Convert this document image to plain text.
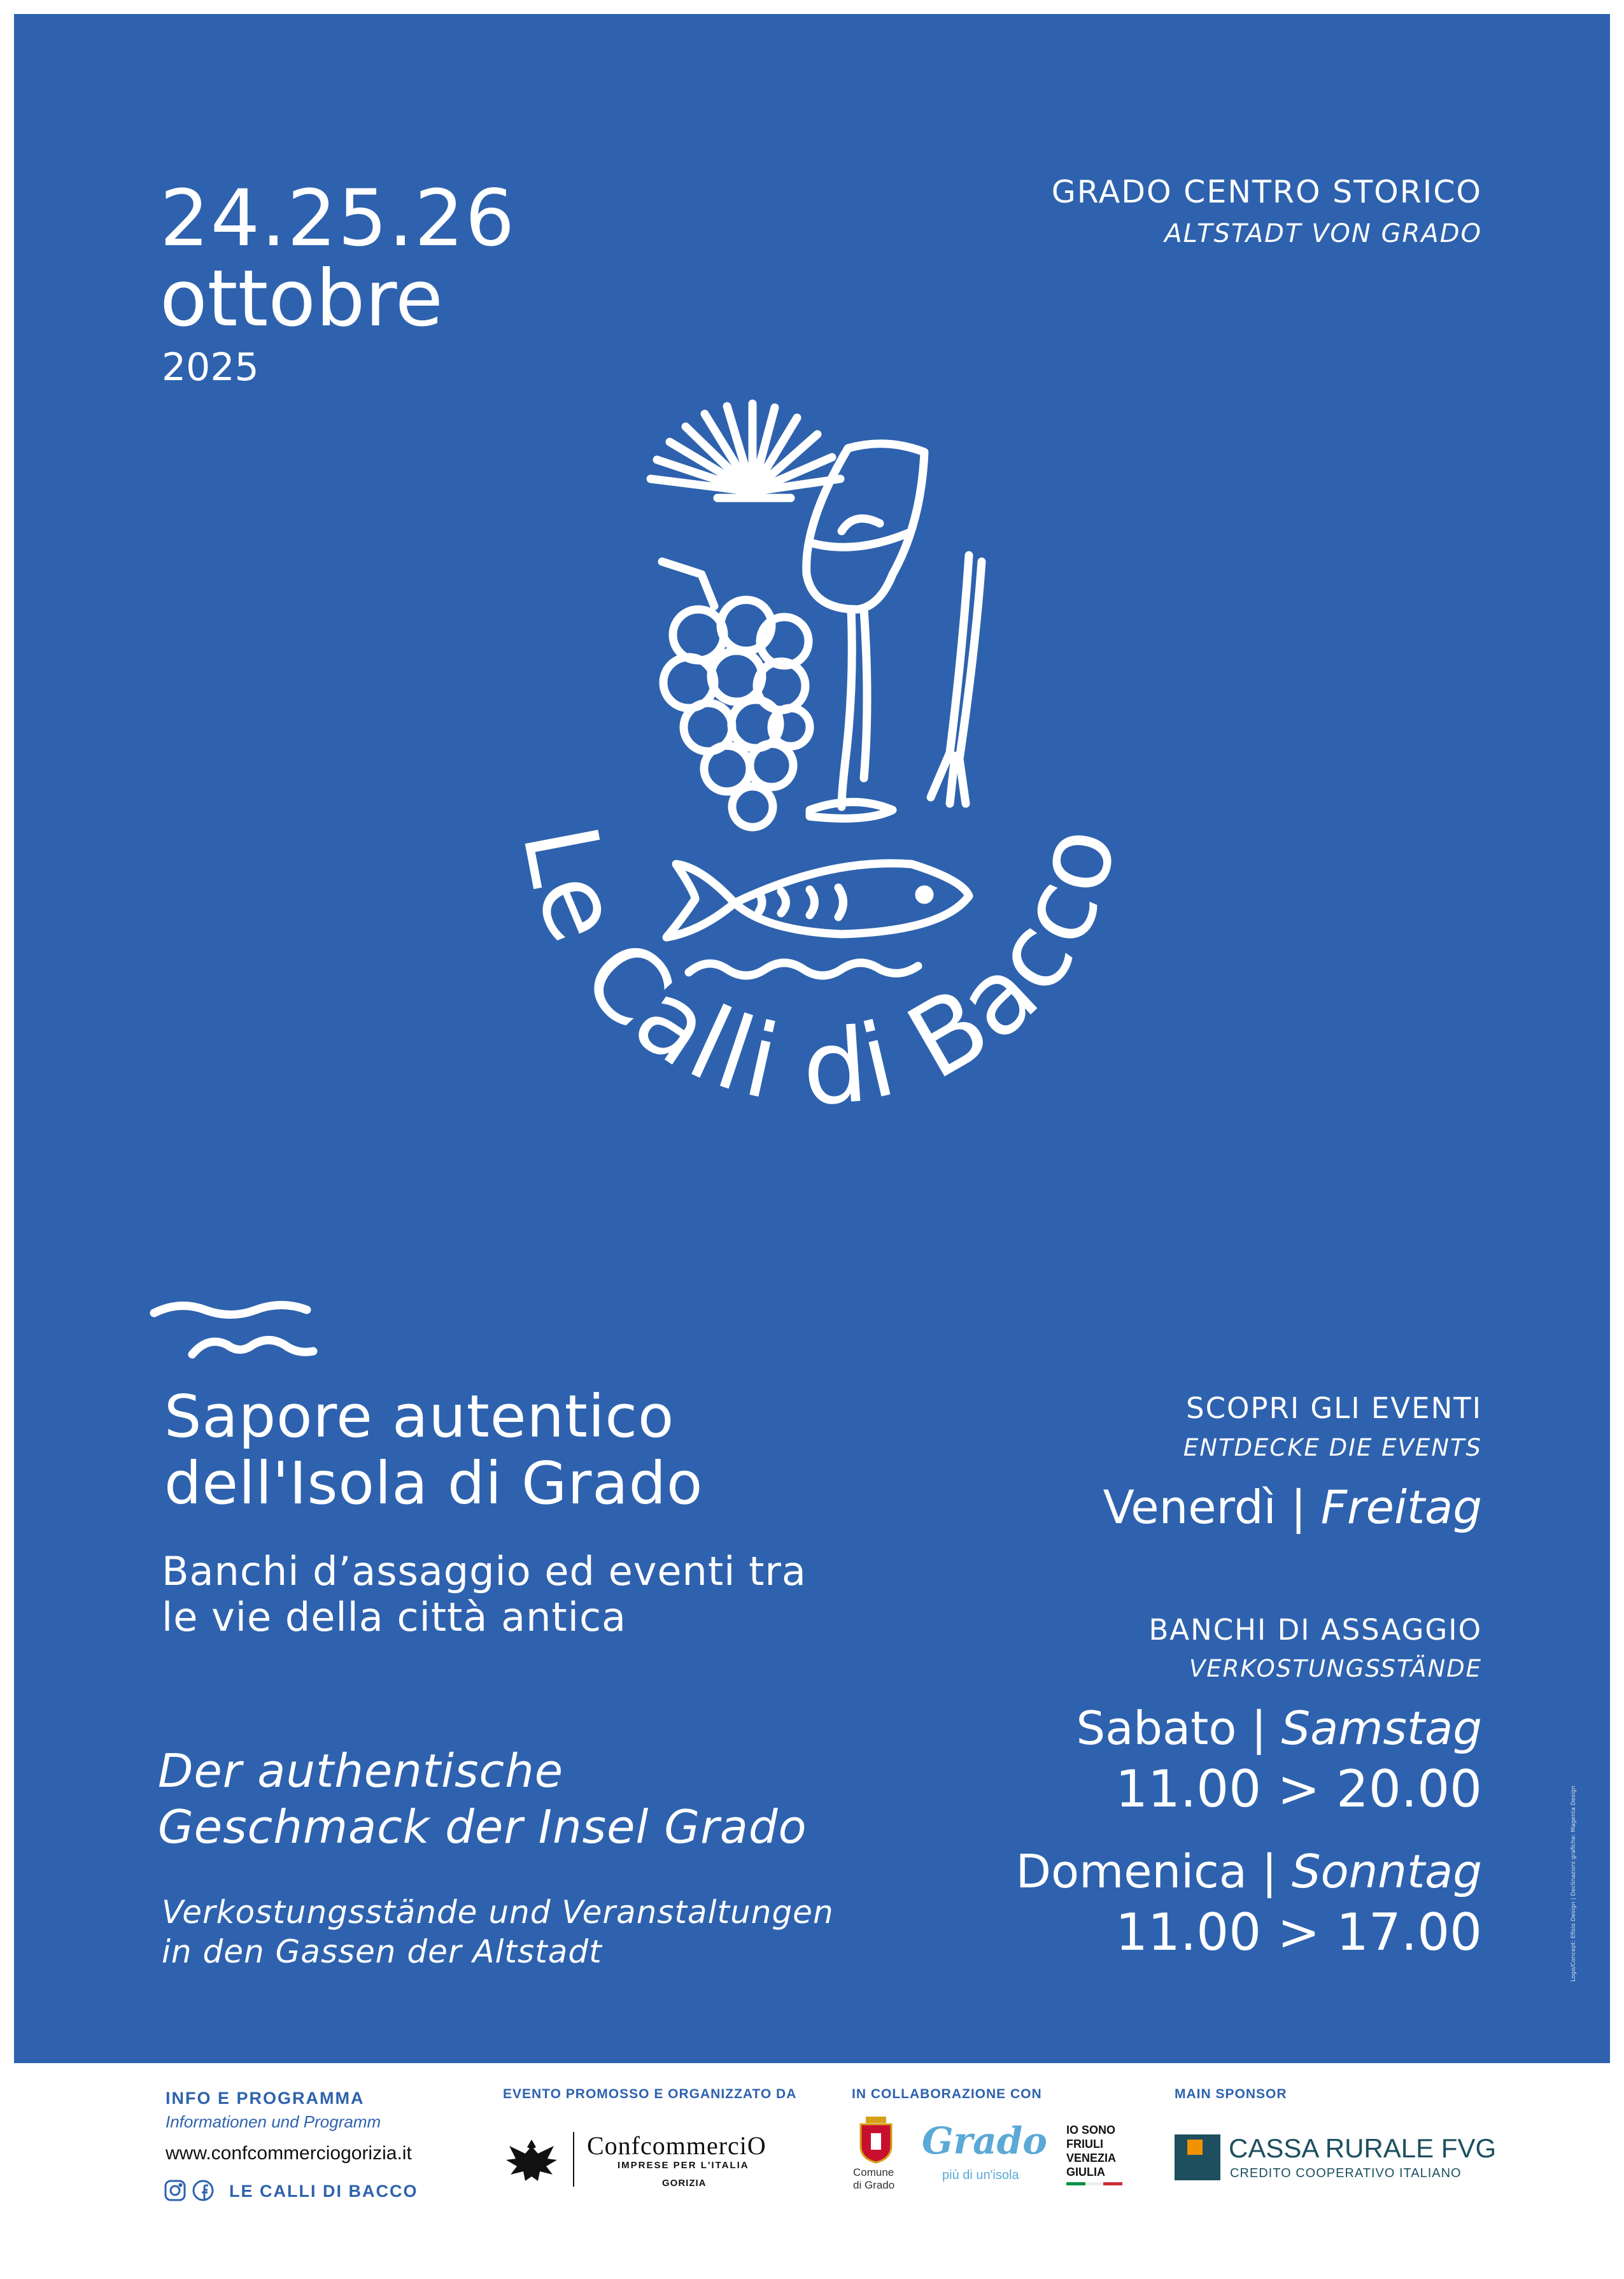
24.25.26
ottobre
2025
GRADO CENTRO STORICO
ALTSTADT VON GRADO
Le Calli di Bacco
Sapore autentico
dell'Isola di Grado
Banchi d’assaggio ed eventi tra
le vie della città antica
Der authentische
Geschmack der Insel Grado
Verkostungsstände und Veranstaltungen
in den Gassen der Altstadt
SCOPRI GLI EVENTI
ENTDECKE DIE EVENTS
Venerdì | Freitag
BANCHI DI ASSAGGIO
VERKOSTUNGSSTÄNDE
Sabato | Samstag
11.00 > 20.00
Domenica | Sonntag
11.00 > 17.00	Logo/Concept: Efisio Design | Declinazioni grafiche: Magenta Design
INFO E PROGRAMMA
Informationen und Programm
www.confcommerciogorizia.it
LE CALLI DI BACCO
EVENTO PROMOSSO E ORGANIZZATO DA
ConfcommerciO
IMPRESE PER L'ITALIA
GORIZIA
IN COLLABORAZIONE CON
Comune
di Grado
Grado
più di un'isola
IO SONO
FRIULI
VENEZIA
GIULIA
MAIN SPONSOR
CASSA RURALE FVG
CREDITO COOPERATIVO ITALIANO
